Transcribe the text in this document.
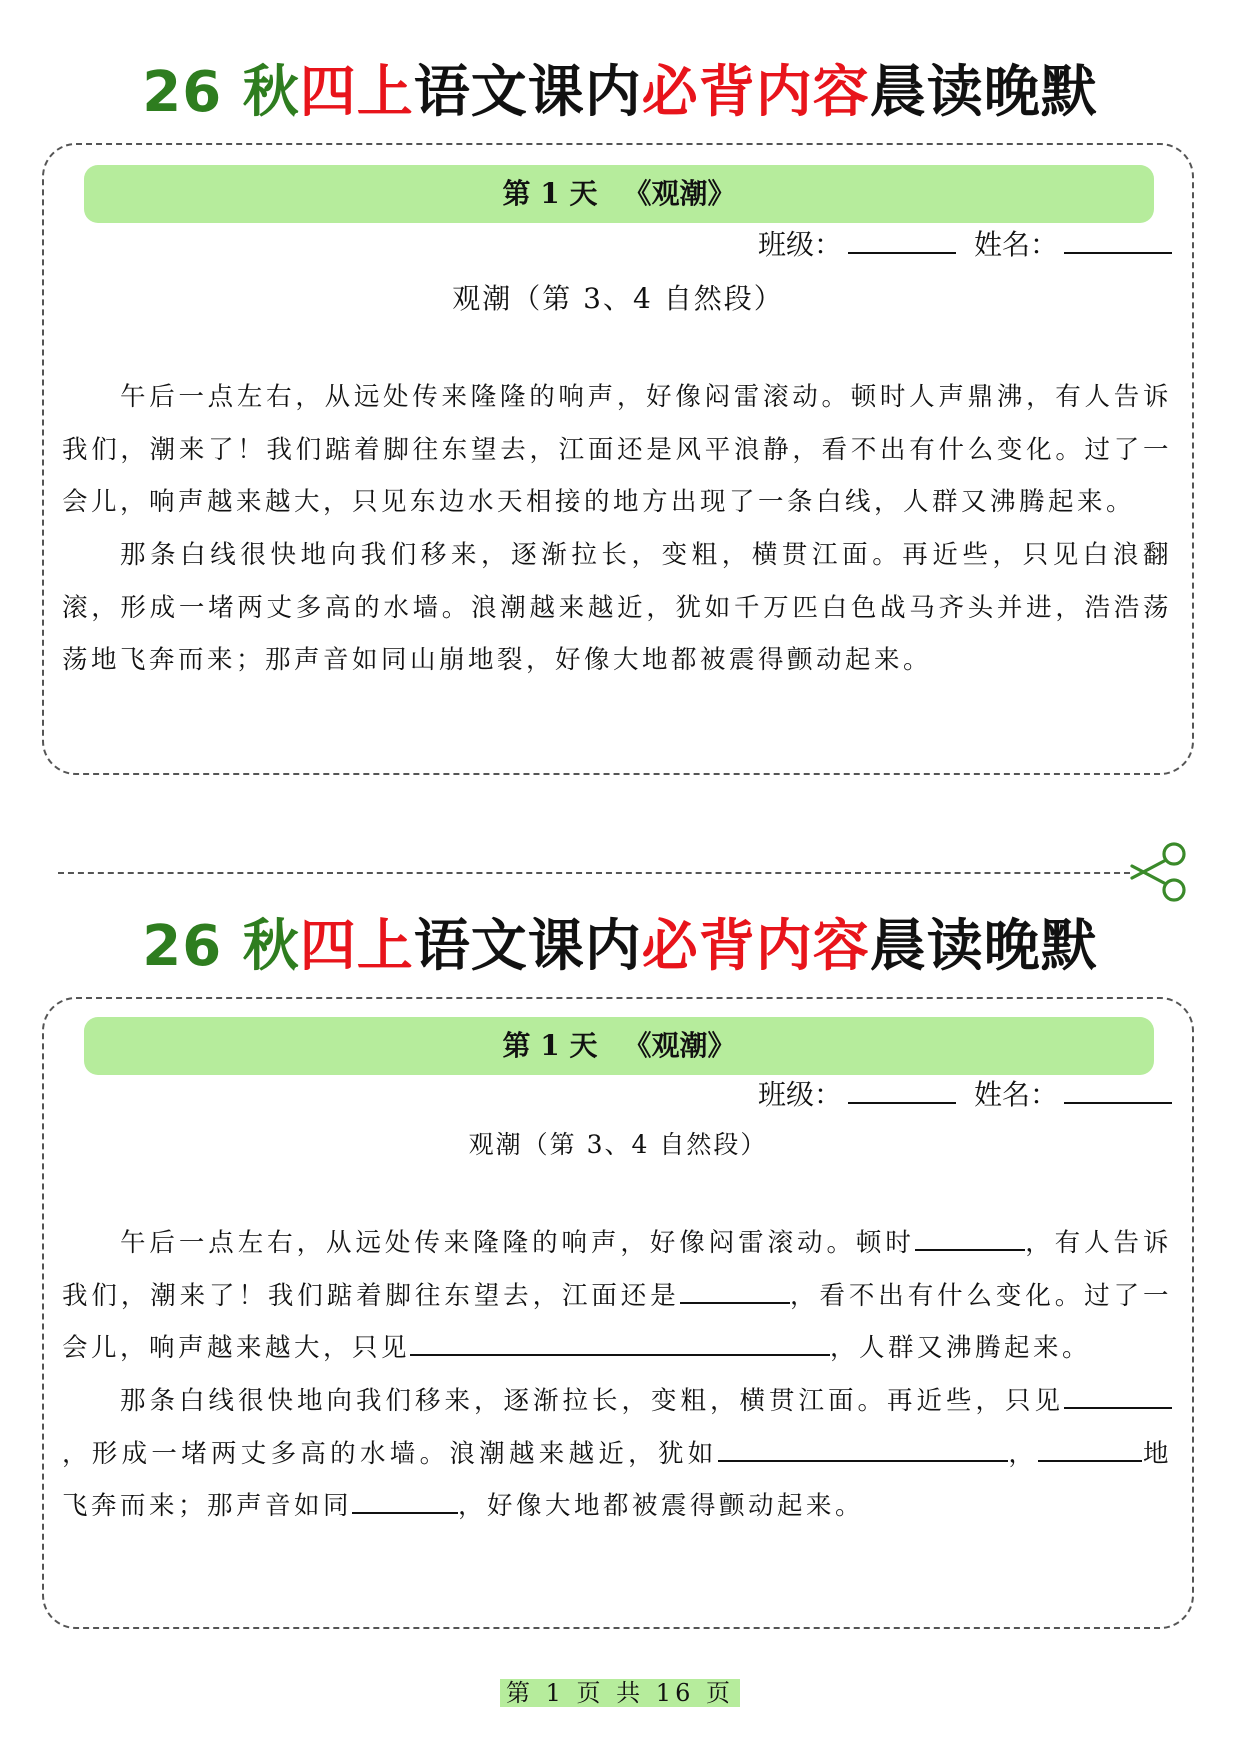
26 秋四上语文课内必背内容晨读晚默
第 1 天 《观潮》
班级：	姓名：
观潮（第 3、4 自然段）

午后一点左右，从远处传来隆隆的响声，好像闷雷滚动。顿时人声鼎沸，有人告诉我们，潮来了！我们踮着脚往东望去，江面还是风平浪静，看不出有什么变化。过了一会儿，响声越来越大，只见东边水天相接的地方出现了一条白线，人群又沸腾起来。

那条白线很快地向我们移来，逐渐拉长，变粗，横贯江面。再近些，只见白浪翻滚，形成一堵两丈多高的水墙。浪潮越来越近，犹如千万匹白色战马齐头并进，浩浩荡荡地飞奔而来；那声音如同山崩地裂，好像大地都被震得颤动起来。

26 秋四上语文课内必背内容晨读晚默
第 1 天 《观潮》
班级：	姓名：
观潮（第 3、4 自然段）

午后一点左右，从远处传来隆隆的响声，好像闷雷滚动。顿时	，有人告诉我们，潮来了！我们踮着脚往东望去，江面还是	，看不出有什么变化。过了一会儿，响声越来越大，只见	，人群又沸腾起来。

那条白线很快地向我们移来，逐渐拉长，变粗，横贯江面。再近些，只见，形成一堵两丈多高的水墙。浪潮越来越近，犹如	，	地飞奔而来；那声音如同	，好像大地都被震得颤动起来。

第 1 页 共 16 页
